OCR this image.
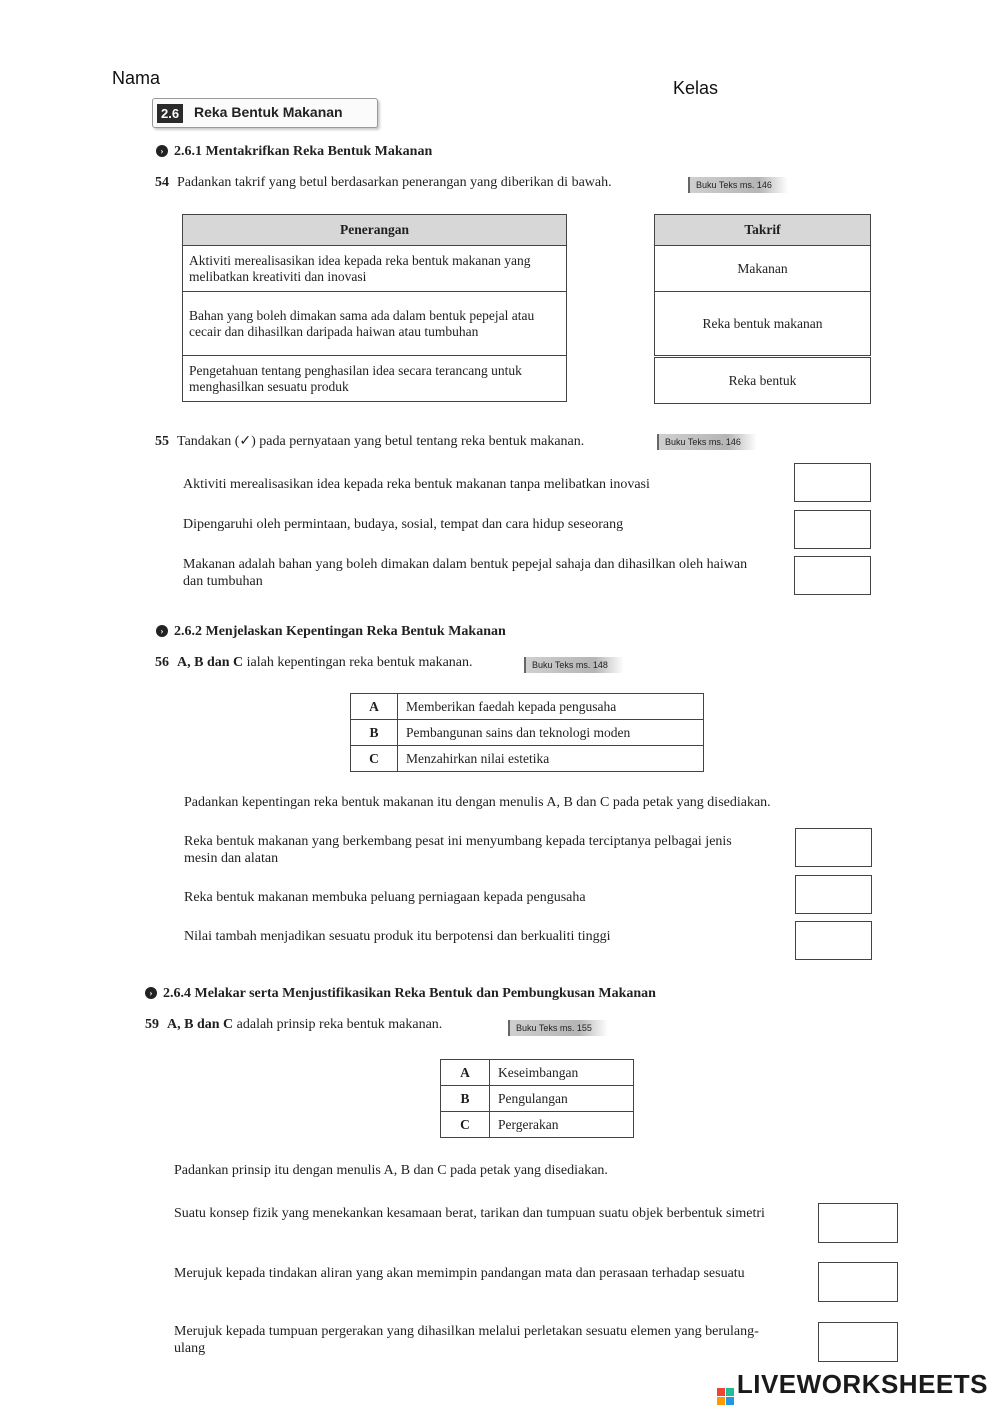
Nama	Kelas
2.6 Reka Bentuk Makanan
› 2.6.1 Mentakrifkan Reka Bentuk Makanan
54 Padankan takrif yang betul berdasarkan penerangan yang diberikan di bawah.	Buku Teks ms. 146
Penerangan
Aktiviti merealisasikan idea kepada reka bentuk makanan yang melibatkan kreativiti dan inovasi
Bahan yang boleh dimakan sama ada dalam bentuk pepejal atau cecair dan dihasilkan daripada haiwan atau tumbuhan
Pengetahuan tentang penghasilan idea secara terancang untuk menghasilkan sesuatu produk
Takrif
Makanan
Reka bentuk makanan
Reka bentuk
55 Tandakan (✓) pada pernyataan yang betul tentang reka bentuk makanan.	Buku Teks ms. 146
Aktiviti merealisasikan idea kepada reka bentuk makanan tanpa melibatkan inovasi
Dipengaruhi oleh permintaan, budaya, sosial, tempat dan cara hidup seseorang
Makanan adalah bahan yang boleh dimakan dalam bentuk pepejal sahaja dan dihasilkan oleh haiwan dan tumbuhan
› 2.6.2 Menjelaskan Kepentingan Reka Bentuk Makanan
56 A, B dan C ialah kepentingan reka bentuk makanan.	Buku Teks ms. 148
A	Memberikan faedah kepada pengusaha
B	Pembangunan sains dan teknologi moden
C	Menzahirkan nilai estetika
Padankan kepentingan reka bentuk makanan itu dengan menulis A, B dan C pada petak yang disediakan.
Reka bentuk makanan yang berkembang pesat ini menyumbang kepada terciptanya pelbagai jenis mesin dan alatan
Reka bentuk makanan membuka peluang perniagaan kepada pengusaha
Nilai tambah menjadikan sesuatu produk itu berpotensi dan berkualiti tinggi
› 2.6.4 Melakar serta Menjustifikasikan Reka Bentuk dan Pembungkusan Makanan
59 A, B dan C adalah prinsip reka bentuk makanan.	Buku Teks ms. 155
A	Keseimbangan
B	Pengulangan
C	Pergerakan
Padankan prinsip itu dengan menulis A, B dan C pada petak yang disediakan.
Suatu konsep fizik yang menekankan kesamaan berat, tarikan dan tumpuan suatu objek berbentuk simetri
Merujuk kepada tindakan aliran yang akan memimpin pandangan mata dan perasaan terhadap sesuatu
Merujuk kepada tumpuan pergerakan yang dihasilkan melalui perletakan sesuatu elemen yang berulang-ulang
LIVEWORKSHEETS
